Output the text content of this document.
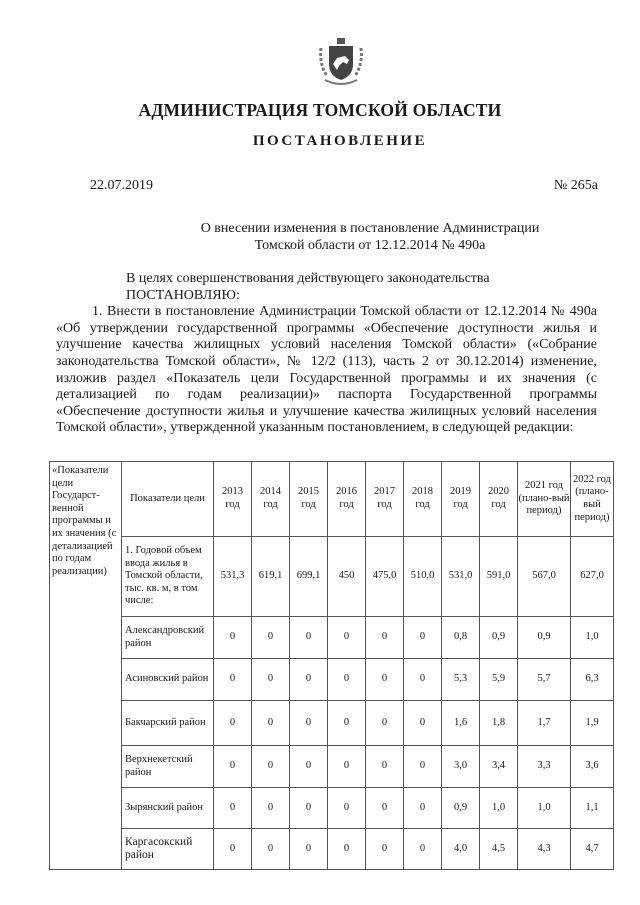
АДМИНИСТРАЦИЯ ТОМСКОЙ ОБЛАСТИ
ПОСТАНОВЛЕНИЕ
22.07.2019	№ 265а
О внесении изменения в постановление Администрации
Томской области от 12.12.2014 № 490а

В целях совершенствования действующего законодательства

ПОСТАНОВЛЯЮ:

1. Внести в постановление Администрации Томской области от 12.12.2014 № 490а «Об утверждении государственной программы «Обеспечение доступности жилья и улучшение качества жилищных условий населения Томской области» («Собрание законодательства Томской области», № 12/2 (113), часть 2 от 30.12.2014) изменение, изложив раздел «Показатель цели Государственной программы и их значения (с детализацией по годам реализации)» паспорта Государственной программы «Обеспечение доступности жилья и улучшение качества жилищных условий населения Томской области», утвержденной указанным постановлением, в следующей редакции:

«Показатели цели Государст-венной программы и их значения (с детализацией по годам реализации)	Показатели цели	2013 год	2014 год	2015 год	2016 год	2017 год	2018 год	2019 год	2020 год	2021 год (плано-вый период)	2022 год (плано-вый период)
	1. Годовой объем ввода жилья в Томской области, тыс. кв. м, в том числе:	531,3	619,1	699,1	450	475,0	510,0	531,0	591,0	567,0	627,0
	Александровский район	0	0	0	0	0	0	0,8	0,9	0,9	1,0
	Асиновский район	0	0	0	0	0	0	5,3	5,9	5,7	6,3
	Бакчарский район	0	0	0	0	0	0	1,6	1,8	1,7	1,9
	Верхнекетский район	0	0	0	0	0	0	3,0	3,4	3,3	3,6
	Зырянский район	0	0	0	0	0	0	0,9	1,0	1,0	1,1
	Каргасокский район	0	0	0	0	0	0	4,0	4,5	4,3	4,7
